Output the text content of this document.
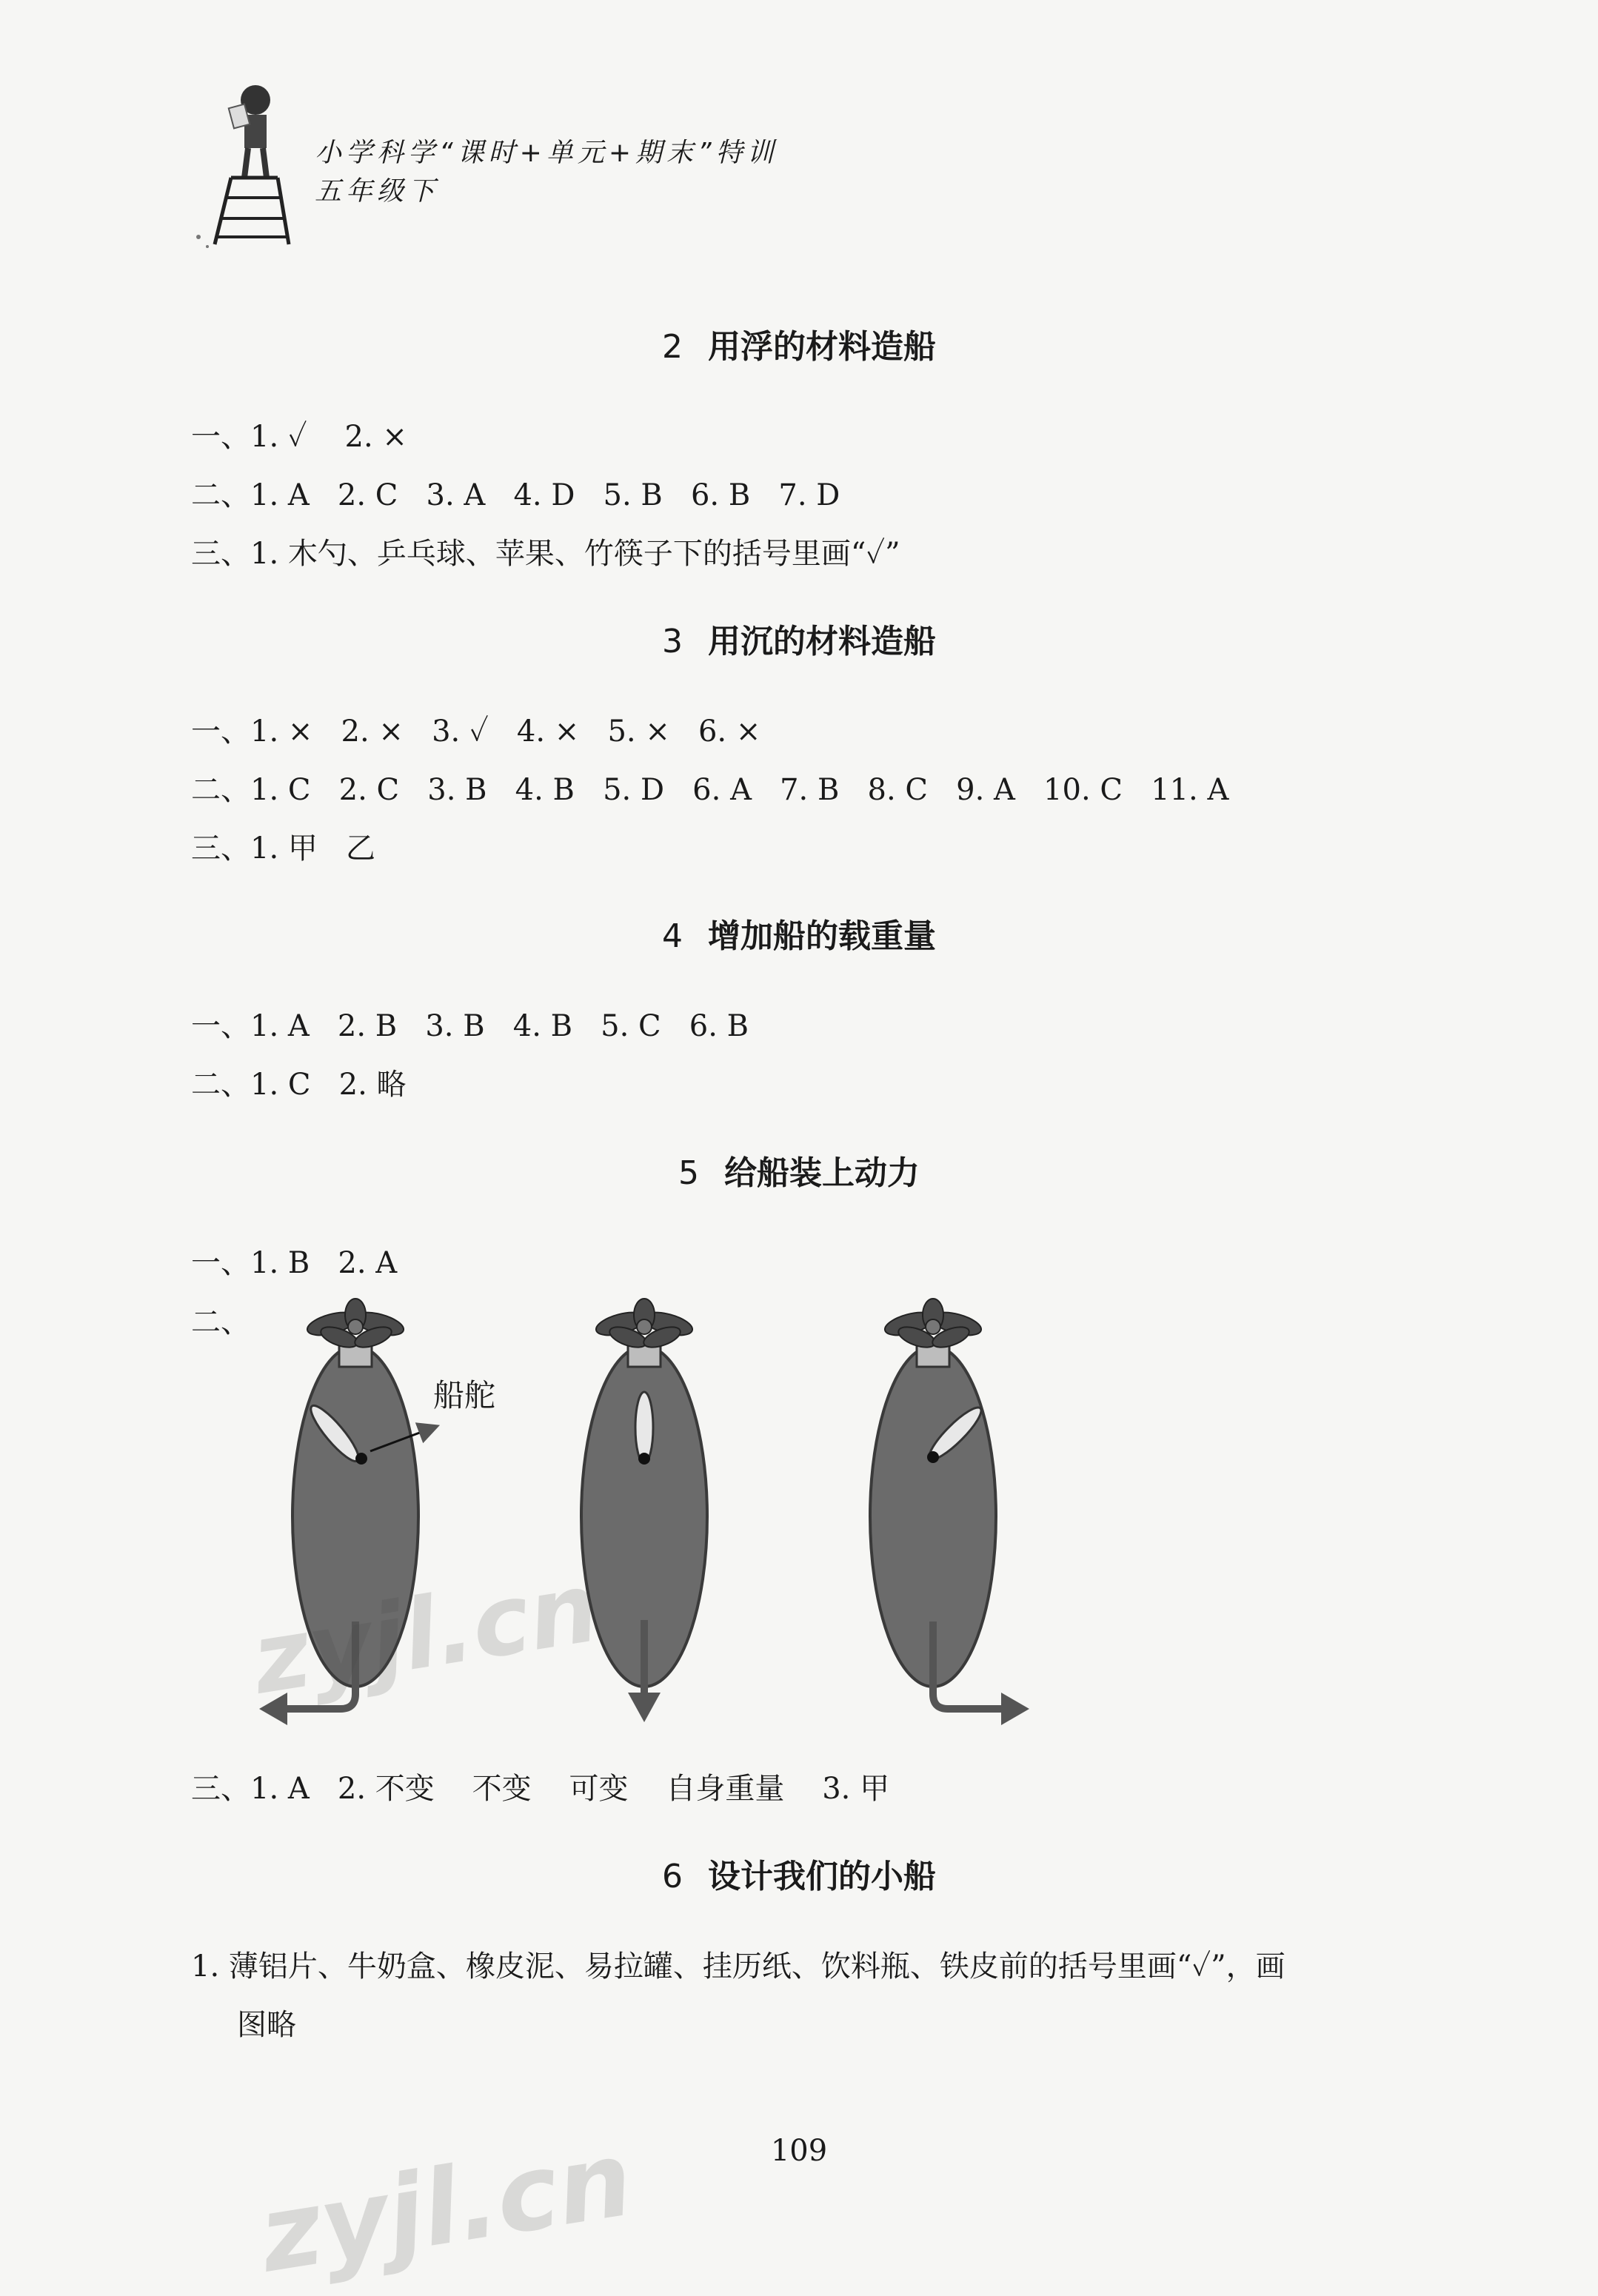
小学科学“课时+单元+期末”特训
五年级下
2 用浮的材料造船
一、1. ✓    2. ×
二、1. A   2. C   3. A   4. D   5. B   6. B   7. D
三、1. 木勺、乒乓球、苹果、竹筷子下的括号里画“✓”
3 用沉的材料造船
一、1. ×   2. ×   3. ✓   4. ×   5. ×   6. ×
二、1. C   2. C   3. B   4. B   5. D   6. A   7. B   8. C   9. A   10. C   11. A
三、1. 甲   乙
4 增加船的载重量
一、1. A   2. B   3. B   4. B   5. C   6. B
二、1. C   2. 略
5 给船装上动力
一、1. B   2. A
二、
船舵
三、1. A   2. 不变    不变    可变    自身重量    3. 甲
6 设计我们的小船
1. 薄铝片、牛奶盒、橡皮泥、易拉罐、挂历纸、饮料瓶、铁皮前的括号里画“✓”，画
图略
109
zyjl.cn
zyjl.cn
